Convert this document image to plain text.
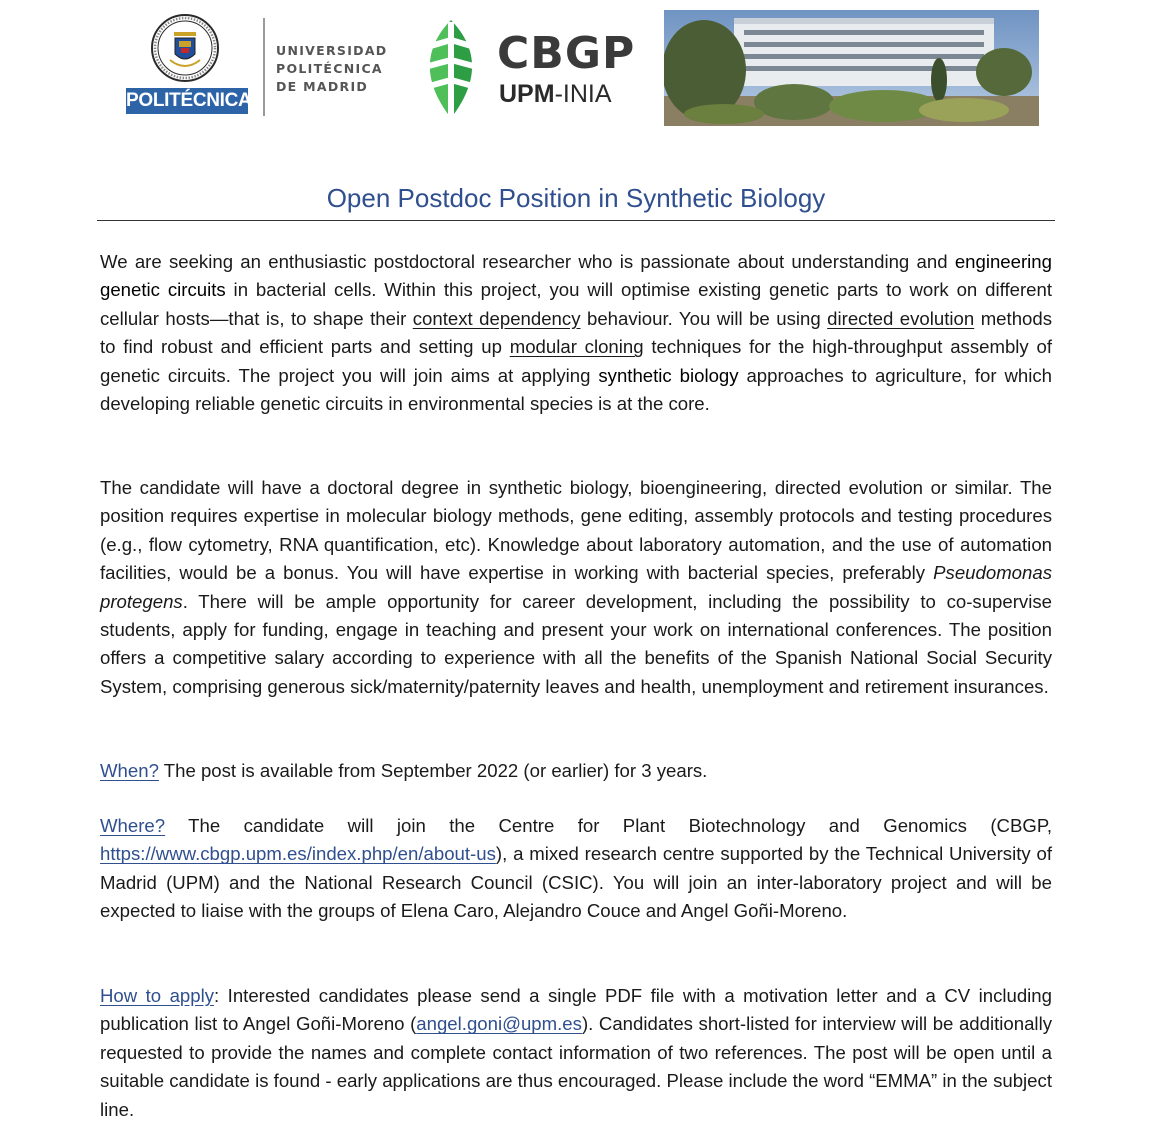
POLITÉCNICA
UNIVERSIDAD
POLITÉCNICA
DE MADRID
CBGP
UPM-INIA
Open Postdoc Position in Synthetic Biology

We are seeking an enthusiastic postdoctoral researcher who is passionate about understanding and engineering genetic circuits in bacterial cells. Within this project, you will optimise existing genetic parts to work on different cellular hosts—that is, to shape their context dependency behaviour. You will be using directed evolution methods to find robust and efficient parts and setting up modular cloning techniques for the high-throughput assembly of genetic circuits. The project you will join aims at applying synthetic biology approaches to agriculture, for which developing reliable genetic circuits in environmental species is at the core.

The candidate will have a doctoral degree in synthetic biology, bioengineering, directed evolution or similar. The position requires expertise in molecular biology methods, gene editing, assembly protocols and testing procedures (e.g., flow cytometry, RNA quantification, etc). Knowledge about laboratory automation, and the use of automation facilities, would be a bonus. You will have expertise in working with bacterial species, preferably Pseudomonas protegens. There will be ample opportunity for career development, including the possibility to co-supervise students, apply for funding, engage in teaching and present your work on international conferences. The position offers a competitive salary according to experience with all the benefits of the Spanish National Social Security System, comprising generous sick/maternity/paternity leaves and health, unemployment and retirement insurances.

When? The post is available from September 2022 (or earlier) for 3 years.

Where? The candidate will join the Centre for Plant Biotechnology and Genomics (CBGP, https://www.cbgp.upm.es/index.php/en/about-us), a mixed research centre supported by the Technical University of Madrid (UPM) and the National Research Council (CSIC). You will join an inter-laboratory project and will be expected to liaise with the groups of Elena Caro, Alejandro Couce and Angel Goñi-Moreno.

How to apply: Interested candidates please send a single PDF file with a motivation letter and a CV including publication list to Angel Goñi-Moreno (angel.goni@upm.es). Candidates short-listed for interview will be additionally requested to provide the names and complete contact information of two references. The post will be open until a suitable candidate is found - early applications are thus encouraged. Please include the word “EMMA” in the subject line.
